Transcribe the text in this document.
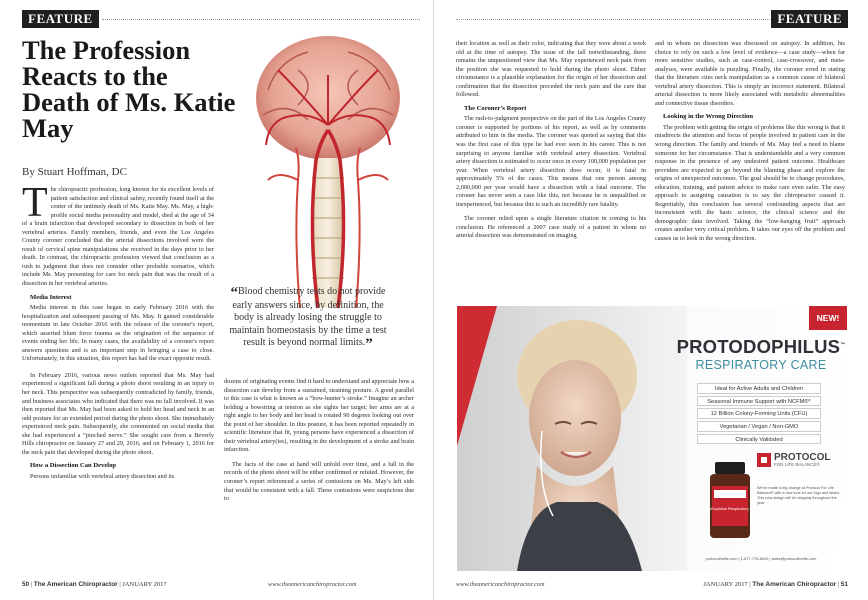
FEATURE
The Profession Reacts to the Death of Ms. Katie May
By Stuart Hoffman, DC

The chiropractic profession, long known for its excellent levels of patient satisfaction and clinical safety, recently found itself at the center of the untimely death of Ms. Katie May. Ms. May, a high-profile social media personality and model, died at the age of 34 of a brain infarction that developed secondary to dissection in both of her vertebral arteries. Family members, friends, and even the Los Angeles County coroner concluded that the arterial dissections involved were the result of cervical spine manipulations she received in the days prior to her death. In contrast, the chiropractic profession viewed that conclusion as a rush to judgment that does not consider other probable scenarios, which include Ms. May presenting for care for neck pain that was the result of a dissection in her vertebral arteries.

Media Interest

Media interest in this case began in early February 2016 with the hospitalization and subsequent passing of Ms. May. It gained considerable momentum in late October 2016 with the release of the coroner's report, which asserted blunt force trauma as the origination of the sequence of events ending her life. In many cases, the availability of a coroner's report answers questions and is an important step in bringing a case to close. Unfortunately, in this situation, this report has had the exact opposite result.

In February 2016, various news outlets reported that Ms. May had experienced a significant fall during a photo shoot resulting in an injury to her neck. This perspective was subsequently contradicted by family, friends, and business associates who indicated that there was no fall involved. It was then reported that Ms. May had been asked to hold her head and neck in an odd posture for an extended period during the photo shoot. She immediately experienced neck pain. Subsequently, she commented on social media that she had experienced a “pinched nerve.” She sought care from a Beverly Hills chiropractor on January 27 and 29, 2016, and on February 1, 2016 for the neck pain that developed during the photo shoot.

How a Dissection Can Develop

Persons unfamiliar with vertebral artery dissection and its

“Blood chemistry tests do not provide early answers since, by definition, the body is already losing the struggle to maintain homeostasis by the time a test result is beyond normal limits.”

dozens of originating events find it hard to understand and appreciate how a dissection can develop from a sustained, straining posture. A good parallel to this case is what is known as a “bow-hunter’s stroke.” Imagine an archer holding a bowstring at tension as she sights her target; her arms are at a right angle to her body and her head is rotated 90 degrees looking out over the point of her shoulder. In this posture, it has been reported repeatedly in scientific literature that fit, young persons have experienced a dissection of their vertebral artery(ies), resulting in the development of a stroke and brain infarction.

The facts of the case at hand will unfold over time, and a fall in the records of the photo shoot will be either confirmed or refuted. However, the coroner’s report referenced a series of contusions on Ms. May’s left side that would be consistent with a fall. These contusions were suspicious due to

50 | The American Chiropractor | JANUARY 2017	www.theamericanchiropractor.com
FEATURE

their location as well as their color, indicating that they were about a week old at the time of autopsy. The issue of the fall notwithstanding, there remains the unquestioned view that Ms. May experienced neck pain from the position she was requested to hold during the photo shoot. Either circumstance is a plausible explanation for the origin of her dissection and confirmation that the dissection preceded the neck pain and the care that followed.

The Coroner’s Report

The rush-to-judgment perspective on the part of the Los Angeles County coroner is supported by portions of his report, as well as by comments attributed to him in the media. The coroner was quoted as saying that this was the first case of this type he had ever seen in his career. This is not surprising to anyone familiar with vertebral artery dissection. Vertebral artery dissection is estimated to occur once in every 100,000 population per year. When vertebral artery dissection does occur, it is fatal in approximately 5% of the cases. This means that one person among 2,000,000 per year would have a dissection with a fatal outcome. The coroner has never seen a case like this, not because he is unqualified or inexperienced, but because this is such an incredibly rare fatality.

The coroner relied upon a single literature citation in coming to his conclusion. He referenced a 2007 case study of a patient in whom no arterial dissection was demonstrated on imaging

and in whom no dissection was discussed on autopsy. In addition, his choice to rely on such a low level of evidence—a case study—when far more sensitive studies, such as case-control, case-crossover, and meta-analyses, were available is puzzling. Finally, the coroner erred in stating that the literature cites neck manipulation as a common cause of bilateral vertebral artery dissection. This is simply an incorrect statement. Bilateral arterial dissection is more likely associated with metabolic abnormalities and connective tissue disorders.

Looking in the Wrong Direction

The problem with getting the origin of problems like this wrong is that it misdirects the attention and focus of people involved in patient care in the wrong direction. The family and friends of Ms. May feel a need to blame someone for her circumstance. That is understandable and a very common response in the presence of any undesired patient outcome. Healthcare providers are expected to go beyond the blaming phase and explore the origins of unexpected outcomes. The goal should be to change procedures, education, training, and patient advice to make care even safer. The easy approach to assigning causation is to say the chiropractor caused it. Regrettably, this conclusion has several confounding aspects that are inconsistent with the basic science, the clinical science and the demographic data involved. Taking the “low-hanging fruit” approach creates another very critical problem. It takes our eyes off the problem and causes us to look in the wrong direction.

NEW!
PROTODOPHILUS™
RESPIRATORY CARE
Ideal for Active Adults and Children
Seasonal Immune Support with NCFM®*
12 Billion Colony-Forming Units (CFU)
Vegetarian / Vegan / Non-GMO
Clinically Validated
ProtoDophilus Respiratory Care
PROTOCOL
FOR LIFE BALANCE®
We've made a big change at Protocol For Life Balance® with a new look for our logo and labels. This new design will be shipping throughout the year.
protocolforlife.com | 1-877-776-8610 | sales@protocolforlife.com
www.theamericanchiropractor.com	JANUARY 2017 | The American Chiropractor | 51
